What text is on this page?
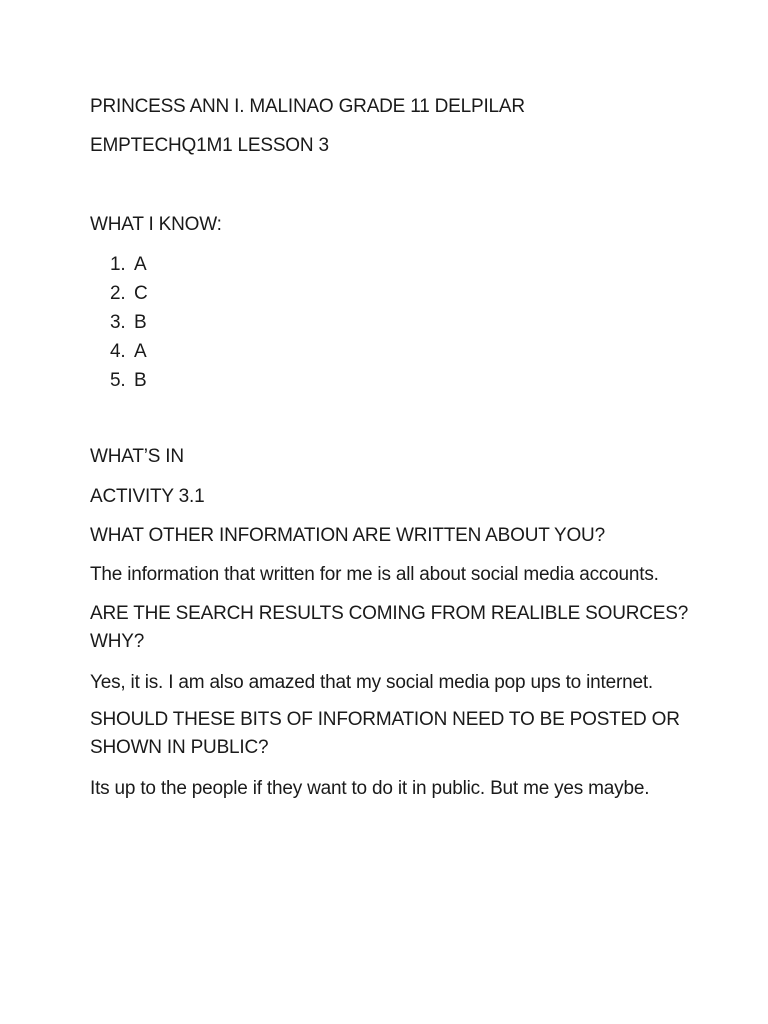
PRINCESS ANN I. MALINAO GRADE 11 DELPILAR
EMPTECHQ1M1 LESSON 3
WHAT I KNOW:
1. A
2. C
3. B
4. A
5. B
WHAT’S IN
ACTIVITY 3.1
WHAT OTHER INFORMATION ARE WRITTEN ABOUT YOU?
The information that written for me is all about social media accounts.
ARE THE SEARCH RESULTS COMING FROM REALIBLE SOURCES? WHY?
Yes, it is. I am also amazed that my social media pop ups to internet.
SHOULD THESE BITS OF INFORMATION NEED TO BE POSTED OR SHOWN IN PUBLIC?
Its up to the people if they want to do it in public. But me yes maybe.
